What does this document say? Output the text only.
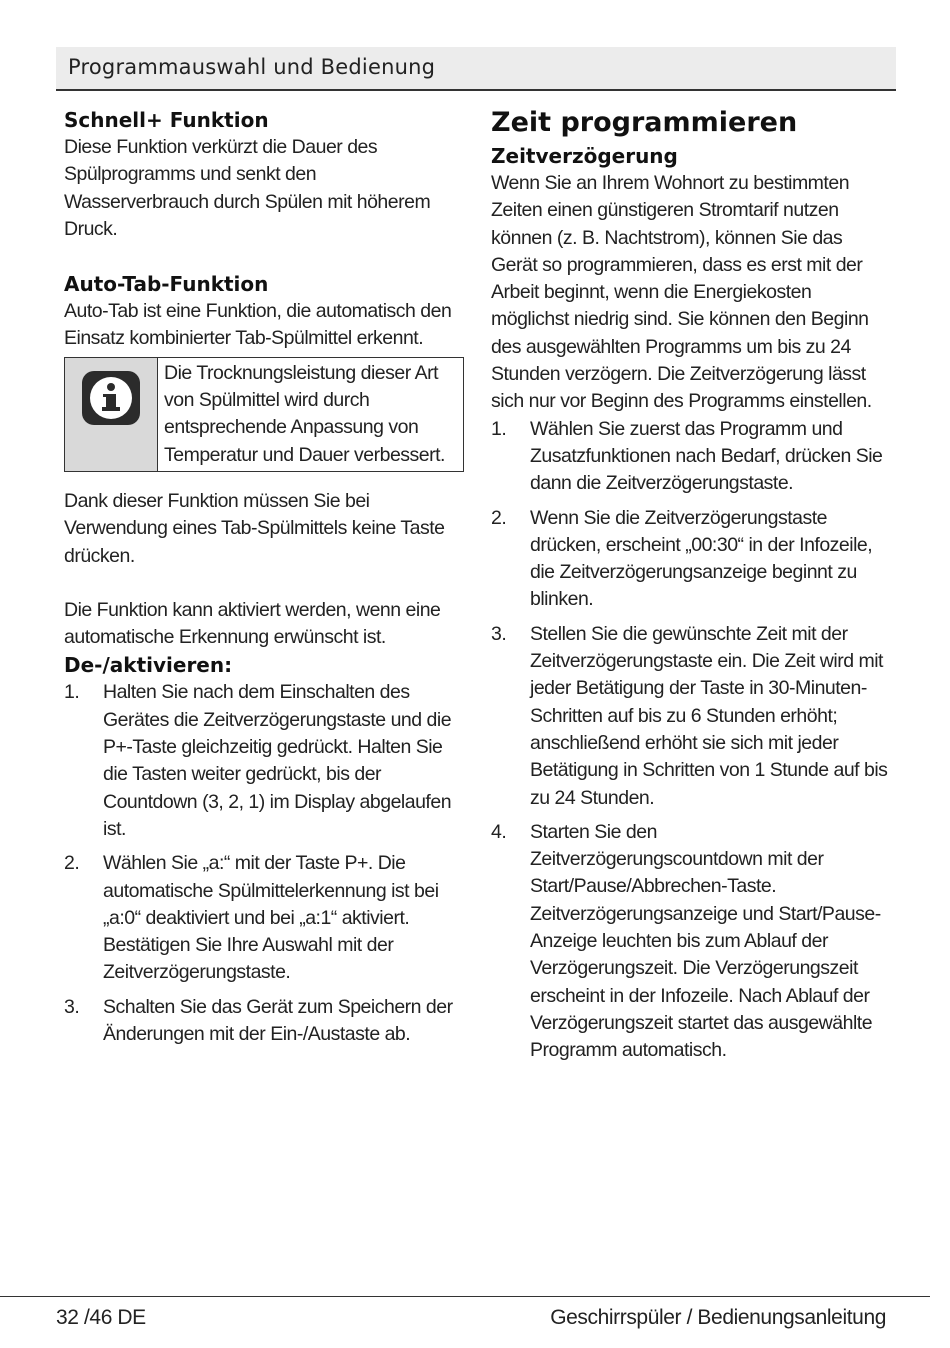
Programmauswahl und Bedienung
Schnell+ Funktion
Diese Funktion verkürzt die Dauer des Spülprogramms und senkt den Wasserverbrauch durch Spülen mit höherem Druck.
Auto-Tab-Funktion
Auto-Tab ist eine Funktion, die automatisch den Einsatz kombinierter Tab-Spülmittel erkennt.
Die Trocknungsleistung dieser Art von Spülmittel wird durch entsprechende Anpassung von Temperatur und Dauer verbessert.
Dank dieser Funktion müssen Sie bei Verwendung eines Tab-Spülmittels keine Taste drücken.
Die Funktion kann aktiviert werden, wenn eine automatische Erkennung erwünscht ist.
De-/aktivieren:
1.	Halten Sie nach dem Einschalten des Gerätes die Zeitverzögerungstaste und die P+-Taste gleichzeitig gedrückt. Halten Sie die Tasten weiter gedrückt, bis der Countdown (3, 2, 1) im Display abgelaufen ist.
2.	Wählen Sie „a:“ mit der Taste P+. Die automatische Spülmittelerkennung ist bei „a:0“ deaktiviert und bei „a:1“ aktiviert. Bestätigen Sie Ihre Auswahl mit der Zeitverzögerungstaste.
3.	Schalten Sie das Gerät zum Speichern der Änderungen mit der Ein-/Austaste ab.
Zeit programmieren
Zeitverzögerung
Wenn Sie an Ihrem Wohnort zu bestimmten Zeiten einen günstigeren Stromtarif nutzen können (z. B. Nachtstrom), können Sie das Gerät so programmieren, dass es erst mit der Arbeit beginnt, wenn die Energiekosten möglichst niedrig sind. Sie können den Beginn des ausgewählten Programms um bis zu 24 Stunden verzögern. Die Zeitverzögerung lässt sich nur vor Beginn des Programms einstellen.
1.	Wählen Sie zuerst das Programm und Zusatzfunktionen nach Bedarf, drücken Sie dann die Zeitverzögerungstaste.
2.	Wenn Sie die Zeitverzögerungstaste drücken, erscheint „00:30“ in der Infozeile, die Zeitverzögerungsanzeige beginnt zu blinken.
3.	Stellen Sie die gewünschte Zeit mit der Zeitverzögerungstaste ein. Die Zeit wird mit jeder Betätigung der Taste in 30-Minuten-Schritten auf bis zu 6 Stunden erhöht; anschließend erhöht sie sich mit jeder Betätigung in Schritten von 1 Stunde auf bis zu 24 Stunden.
4.	Starten Sie den Zeitverzögerungscountdown mit der Start/Pause/Abbrechen-Taste. Zeitverzögerungsanzeige und Start/Pause-Anzeige leuchten bis zum Ablauf der Verzögerungszeit. Die Verzögerungszeit erscheint in der Infozeile. Nach Ablauf der Verzögerungszeit startet das ausgewählte Programm automatisch.
32 /46 DE	Geschirrspüler / Bedienungsanleitung
